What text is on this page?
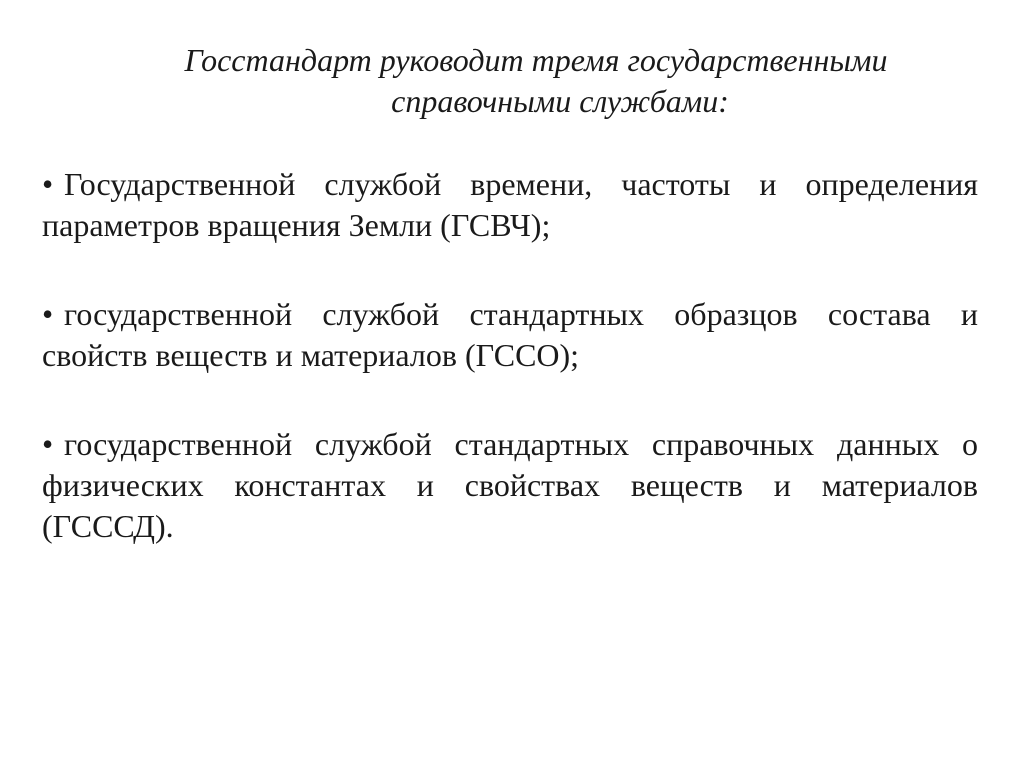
Госстандарт руководит тремя государственными
справочными службами:
• Государственной службой времени, частоты и определения параметров вращения Земли (ГСВЧ);
• государственной службой стандартных образцов состава и свойств веществ и материалов (ГССО);
• государственной службой стандартных справочных данных о физических константах и свойствах веществ и материалов (ГСССД).
